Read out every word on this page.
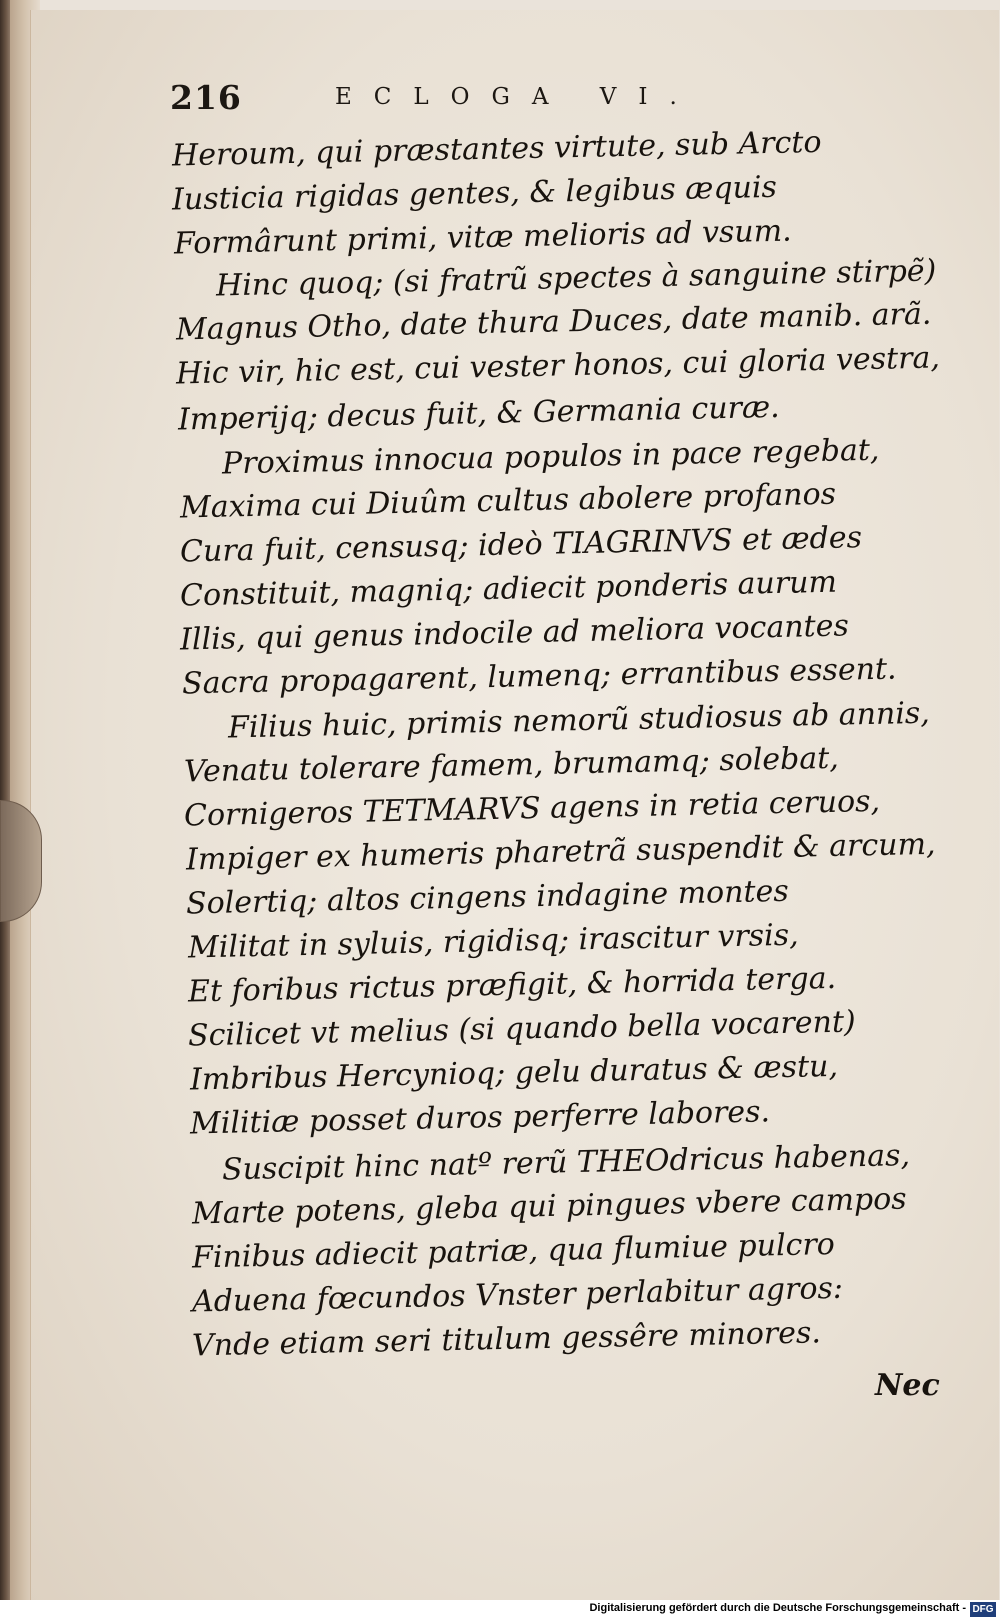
216	ECLOGA VI.
Heroum, qui præstantes virtute, sub Arcto
Iusticia rigidas gentes, & legibus æquis
Formârunt primi, vitæ melioris ad vsum.
Hinc quoq; (si fratrũ spectes à sanguine stirpẽ)
Magnus Otho, date thura Duces, date manib. arã.
Hic vir, hic est, cui vester honos, cui gloria vestra,
Imperijq; decus fuit, & Germania curæ.
Proximus innocua populos in pace regebat,
Maxima cui Diuûm cultus abolere profanos
Cura fuit, censusq; ideò TIAGRINVS et ædes
Constituit, magniq; adiecit ponderis aurum
Illis, qui genus indocile ad meliora vocantes
Sacra propagarent, lumenq; errantibus essent.
Filius huic, primis nemorũ studiosus ab annis,
Venatu tolerare famem, brumamq; solebat,
Cornigeros TETMARVS agens in retia ceruos,
Impiger ex humeris pharetrã suspendit & arcum,
Solertiq; altos cingens indagine montes
Militat in syluis, rigidisq; irascitur vrsis,
Et foribus rictus præfigit, & horrida terga.
Scilicet vt melius (si quando bella vocarent)
Imbribus Hercynioq; gelu duratus & æstu,
Militiæ posset duros perferre labores.
Suscipit hinc natº rerũ THEOdricus habenas,
Marte potens, gleba qui pingues vbere campos
Finibus adiecit patriæ, qua flumiue pulcro
Aduena fœcundos Vnster perlabitur agros:
Vnde etiam seri titulum gessêre minores.
Nec
Digitalisierung gefördert durch die Deutsche Forschungsgemeinschaft - DFG
